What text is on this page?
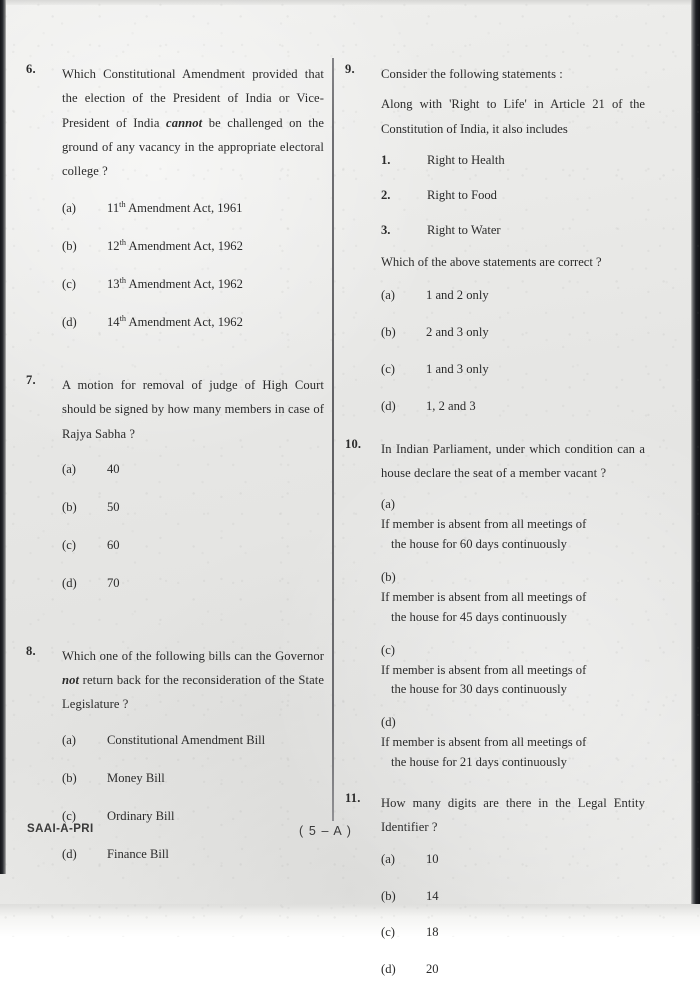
6.	Which Constitutional Amendment provided that the election of the President of India or Vice-President of India cannot be challenged on the ground of any vacancy in the appropriate electoral college ?
(a)	11th Amendment Act, 1961
(b)	12th Amendment Act, 1962
(c)	13th Amendment Act, 1962
(d)	14th Amendment Act, 1962
7.	A motion for removal of judge of High Court should be signed by how many members in case of Rajya Sabha ?
(a)	40
(b)	50
(c)	60
(d)	70
8.	Which one of the following bills can the Governor not return back for the reconsideration of the State Legislature ?
(a)	Constitutional Amendment Bill
(b)	Money Bill
(c)	Ordinary Bill
(d)	Finance Bill
9.	Consider the following statements :
Along with 'Right to Life' in Article 21 of the Constitution of India, it also includes
1.	Right to Health
2.	Right to Food
3.	Right to Water
Which of the above statements are correct ?
(a)	1 and 2 only
(b)	2 and 3 only
(c)	1 and 3 only
(d)	1, 2 and 3
10.	In Indian Parliament, under which condition can a house declare the seat of a member vacant ?
(a)
If member is absent from all meetings of
the house for 60 days continuously
(b)
If member is absent from all meetings of
the house for 45 days continuously
(c)
If member is absent from all meetings of
the house for 30 days continuously
(d)
If member is absent from all meetings of
the house for 21 days continuously
11.	How many digits are there in the Legal Entity Identifier ?
(a)	10
(b)	14
(c)	18
(d)	20
SAAI-A-PRI	( 5 – A )
